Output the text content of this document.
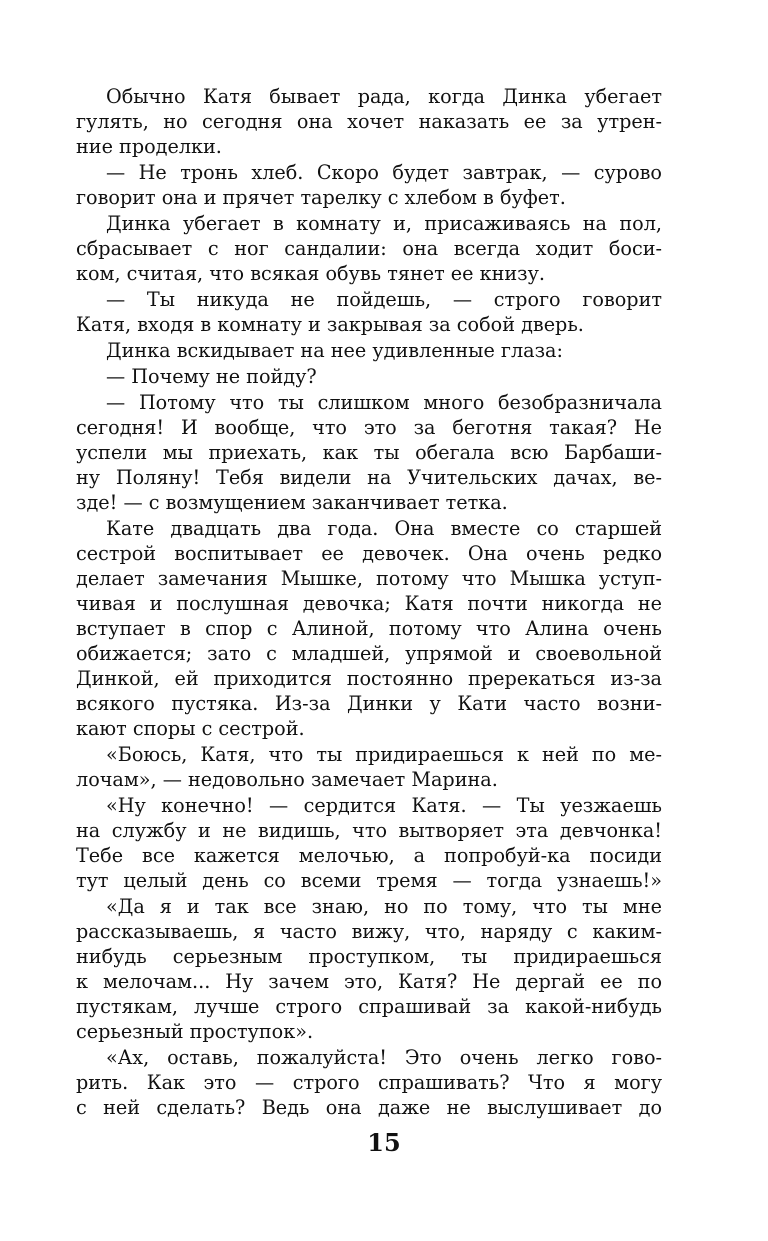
Обычно Катя бывает рада, когда Динка убегает
гулять, но сегодня она хочет наказать ее за утрен-
ние проделки.
— Не тронь хлеб. Скоро будет завтрак, — сурово
говорит она и прячет тарелку с хлебом в буфет.
Динка убегает в комнату и, присаживаясь на пол,
сбрасывает с ног сандалии: она всегда ходит боси-
ком, считая, что всякая обувь тянет ее книзу.
— Ты никуда не пойдешь, — строго говорит
Катя, входя в комнату и закрывая за собой дверь.
Динка вскидывает на нее удивленные глаза:
— Почему не пойду?
— Потому что ты слишком много безобразничала
сегодня! И вообще, что это за беготня такая? Не
успели мы приехать, как ты обегала всю Барбаши-
ну Поляну! Тебя видели на Учительских дачах, ве-
зде! — с возмущением заканчивает тетка.
Кате двадцать два года. Она вместе со старшей
сестрой воспитывает ее девочек. Она очень редко
делает замечания Мышке, потому что Мышка уступ-
чивая и послушная девочка; Катя почти никогда не
вступает в спор с Алиной, потому что Алина очень
обижается; зато с младшей, упрямой и своевольной
Динкой, ей приходится постоянно пререкаться из-за
всякого пустяка. Из-за Динки у Кати часто возни-
кают споры с сестрой.
«Боюсь, Катя, что ты придираешься к ней по ме-
лочам», — недовольно замечает Марина.
«Ну конечно! — сердится Катя. — Ты уезжаешь
на службу и не видишь, что вытворяет эта девчонка!
Тебе все кажется мелочью, а попробуй-ка посиди
тут целый день со всеми тремя — тогда узнаешь!»
«Да я и так все знаю, но по тому, что ты мне
рассказываешь, я часто вижу, что, наряду с каким-
нибудь серьезным проступком, ты придираешься
к мелочам... Ну зачем это, Катя? Не дергай ее по
пустякам, лучше строго спрашивай за какой-нибудь
серьезный проступок».
«Ах, оставь, пожалуйста! Это очень легко гово-
рить. Как это — строго спрашивать? Что я могу
с ней сделать? Ведь она даже не выслушивает до
15
